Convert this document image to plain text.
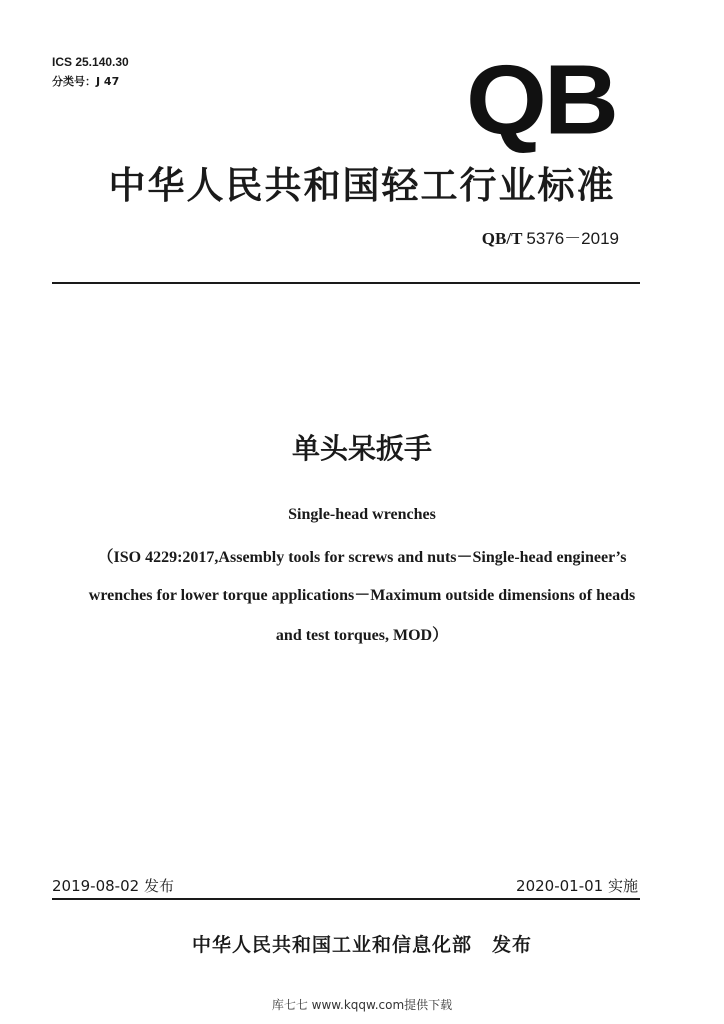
ICS 25.140.30
分类号：J 47	QB
中华人民共和国轻工行业标准
QB/T 5376－2019
单头呆扳手
Single-head wrenches
（ISO 4229:2017,Assembly tools for screws and nuts－Single-head engineer’s
wrenches for lower torque applications－Maximum outside dimensions of heads
and test torques, MOD）
2019-08-02 发布	2020-01-01 实施
中华人民共和国工业和信息化部　发布
库七七 www.kqqw.com提供下载
